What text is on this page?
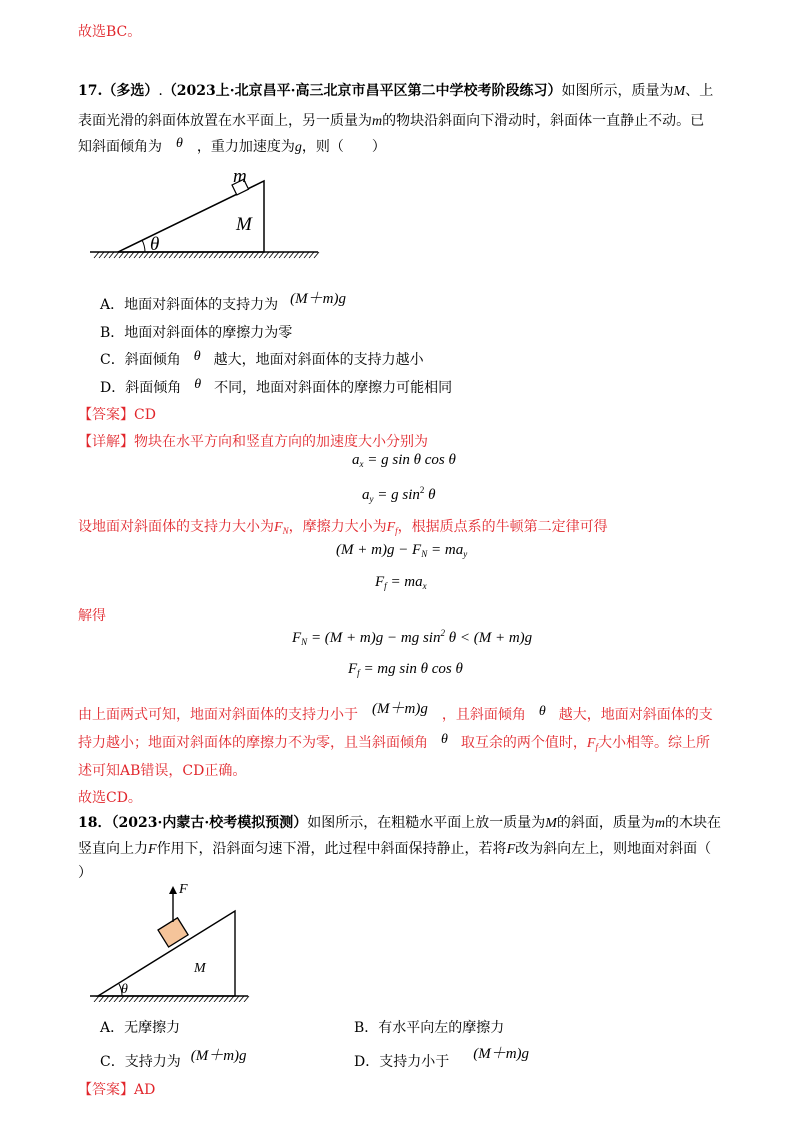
故选BC。
17.（多选）.（2023上·北京昌平·高三北京市昌平区第二中学校考阶段练习）如图所示，质量为M、上
表面光滑的斜面体放置在水平面上，另一质量为m的物块沿斜面向下滑动时，斜面体一直静止不动。已
知斜面倾角为 θ ，重力加速度为g，则（　　）
m
M
θ
A．地面对斜面体的支持力为 (M＋m)g
B．地面对斜面体的摩擦力为零
C．斜面倾角 θ 越大，地面对斜面体的支持力越小
D．斜面倾角 θ 不同，地面对斜面体的摩擦力可能相同
【答案】CD
【详解】物块在水平方向和竖直方向的加速度大小分别为
$a_x = g$ sin θ cos θ
$a_y = g$ $\sin^2 \theta$
设地面对斜面体的支持力大小为$F_N$，摩擦力大小为$F_f$，根据质点系的牛顿第二定律可得
$(M + m)g - F_N = ma_y$
$F_f = ma_x$
解得
$F_N = (M + m)g$ − mg $\sin^2 \theta < (M + m)g$
$F_f$ = mg sin θ cos θ
由上面两式可知，地面对斜面体的支持力小于 (M＋m)g ，且斜面倾角 θ 越大，地面对斜面体的支
持力越小；地面对斜面体的摩擦力不为零，且当斜面倾角 θ 取互余的两个值时，$F_f$大小相等。综上所
述可知AB错误，CD正确。
故选CD。
18．（2023·内蒙古·校考模拟预测）如图所示，在粗糙水平面上放一质量为M的斜面，质量为m的木块在
竖直向上力F作用下，沿斜面匀速下滑，此过程中斜面保持静止，若将F改为斜向左上，则地面对斜面（
）
F
M
θ
A．无摩擦力	B．有水平向左的摩擦力
C．支持力为 (M＋m)g	D．支持力小于 (M＋m)g
【答案】AD
